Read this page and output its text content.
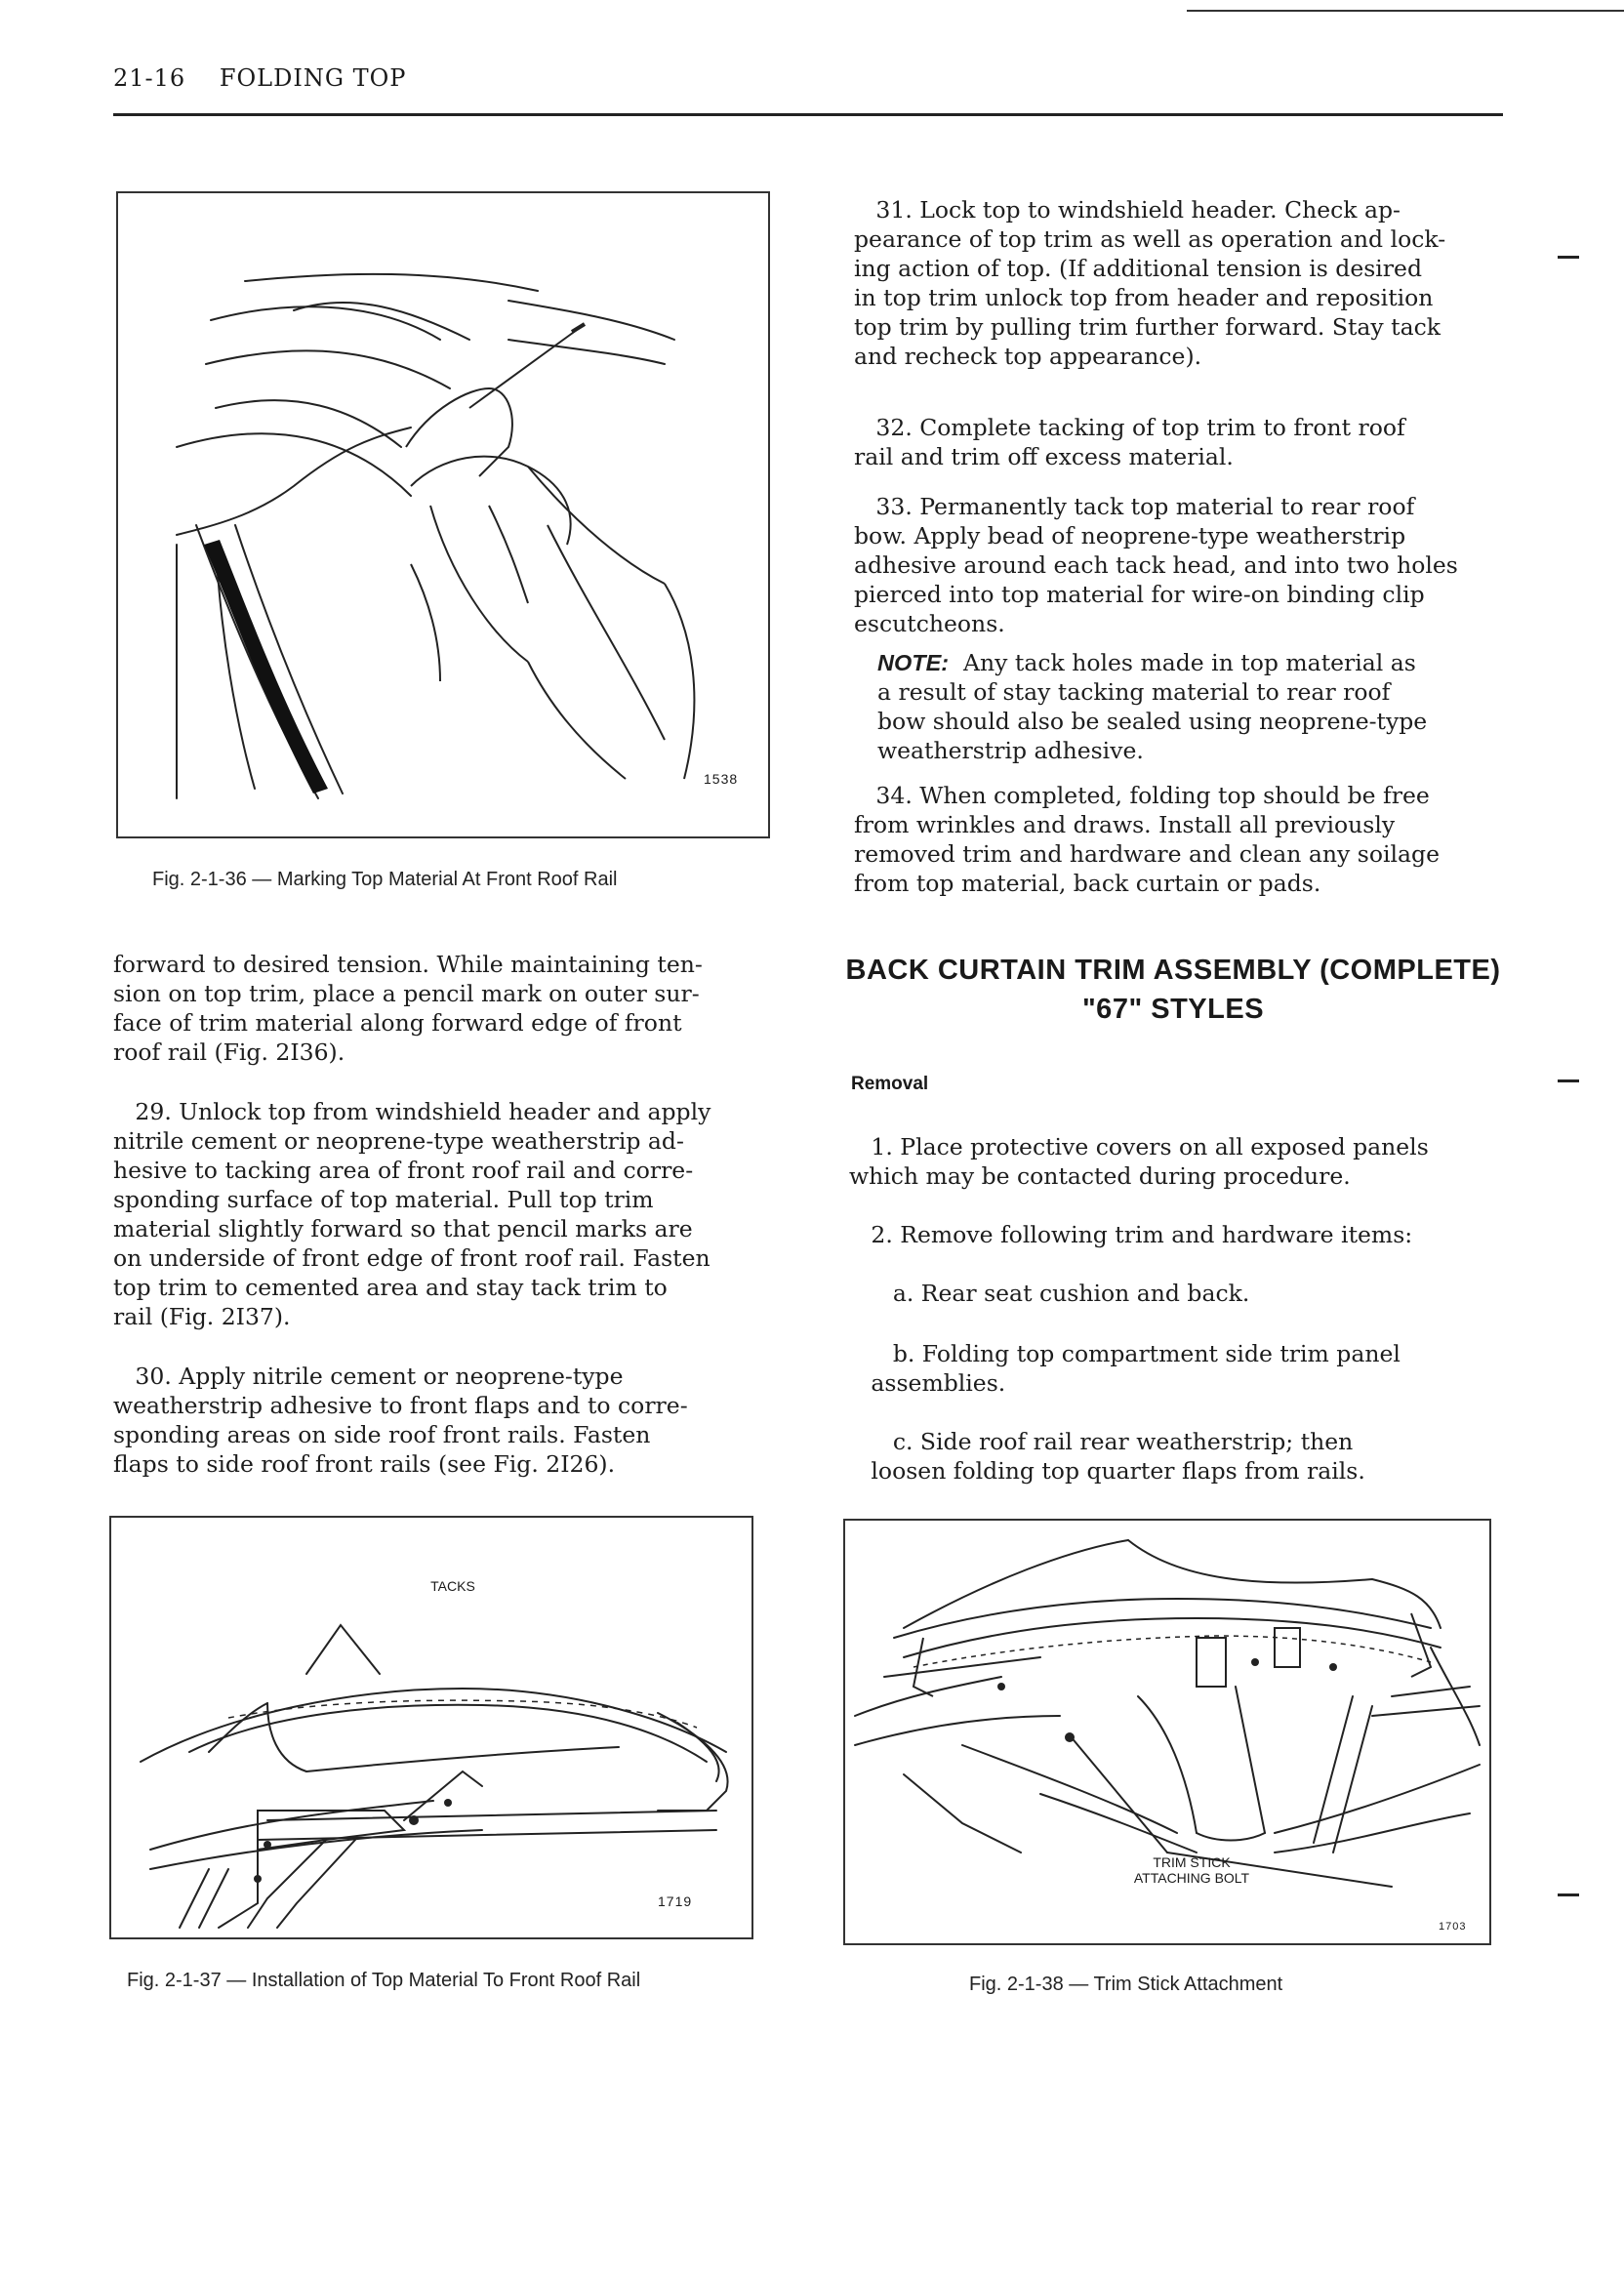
21-16 FOLDING TOP
1538
Fig. 2-1-36 — Marking Top Material At Front Roof Rail
forward to desired tension. While maintaining ten-
sion on top trim, place a pencil mark on outer sur-
face of trim material along forward edge of front
roof rail (Fig. 2I36).
29. Unlock top from windshield header and apply
nitrile cement or neoprene-type weatherstrip ad-
hesive to tacking area of front roof rail and corre-
sponding surface of top material. Pull top trim
material slightly forward so that pencil marks are
on underside of front edge of front roof rail. Fasten
top trim to cemented area and stay tack trim to
rail (Fig. 2I37).
30. Apply nitrile cement or neoprene-type
weatherstrip adhesive to front flaps and to corre-
sponding areas on side roof front rails. Fasten
flaps to side roof front rails (see Fig. 2I26).
TACKS
1719
Fig. 2-1-37 — Installation of Top Material To Front Roof Rail
31. Lock top to windshield header. Check ap-
pearance of top trim as well as operation and lock-
ing action of top. (If additional tension is desired
in top trim unlock top from header and reposition
top trim by pulling trim further forward. Stay tack
and recheck top appearance).
32. Complete tacking of top trim to front roof
rail and trim off excess material.
33. Permanently tack top material to rear roof
bow. Apply bead of neoprene-type weatherstrip
adhesive around each tack head, and into two holes
pierced into top material for wire-on binding clip
escutcheons.
NOTE:  Any tack holes made in top material as
a result of stay tacking material to rear roof
bow should also be sealed using neoprene-type
weatherstrip adhesive.
34. When completed, folding top should be free
from wrinkles and draws. Install all previously
removed trim and hardware and clean any soilage
from top material, back curtain or pads.
BACK CURTAIN TRIM ASSEMBLY (COMPLETE)
"67" STYLES
Removal
1. Place protective covers on all exposed panels
which may be contacted during procedure.
2. Remove following trim and hardware items:
a. Rear seat cushion and back.
b. Folding top compartment side trim panel
assemblies.
c. Side roof rail rear weatherstrip; then
loosen folding top quarter flaps from rails.
TRIM STICK
ATTACHING BOLT
1703
Fig. 2-1-38 — Trim Stick Attachment
